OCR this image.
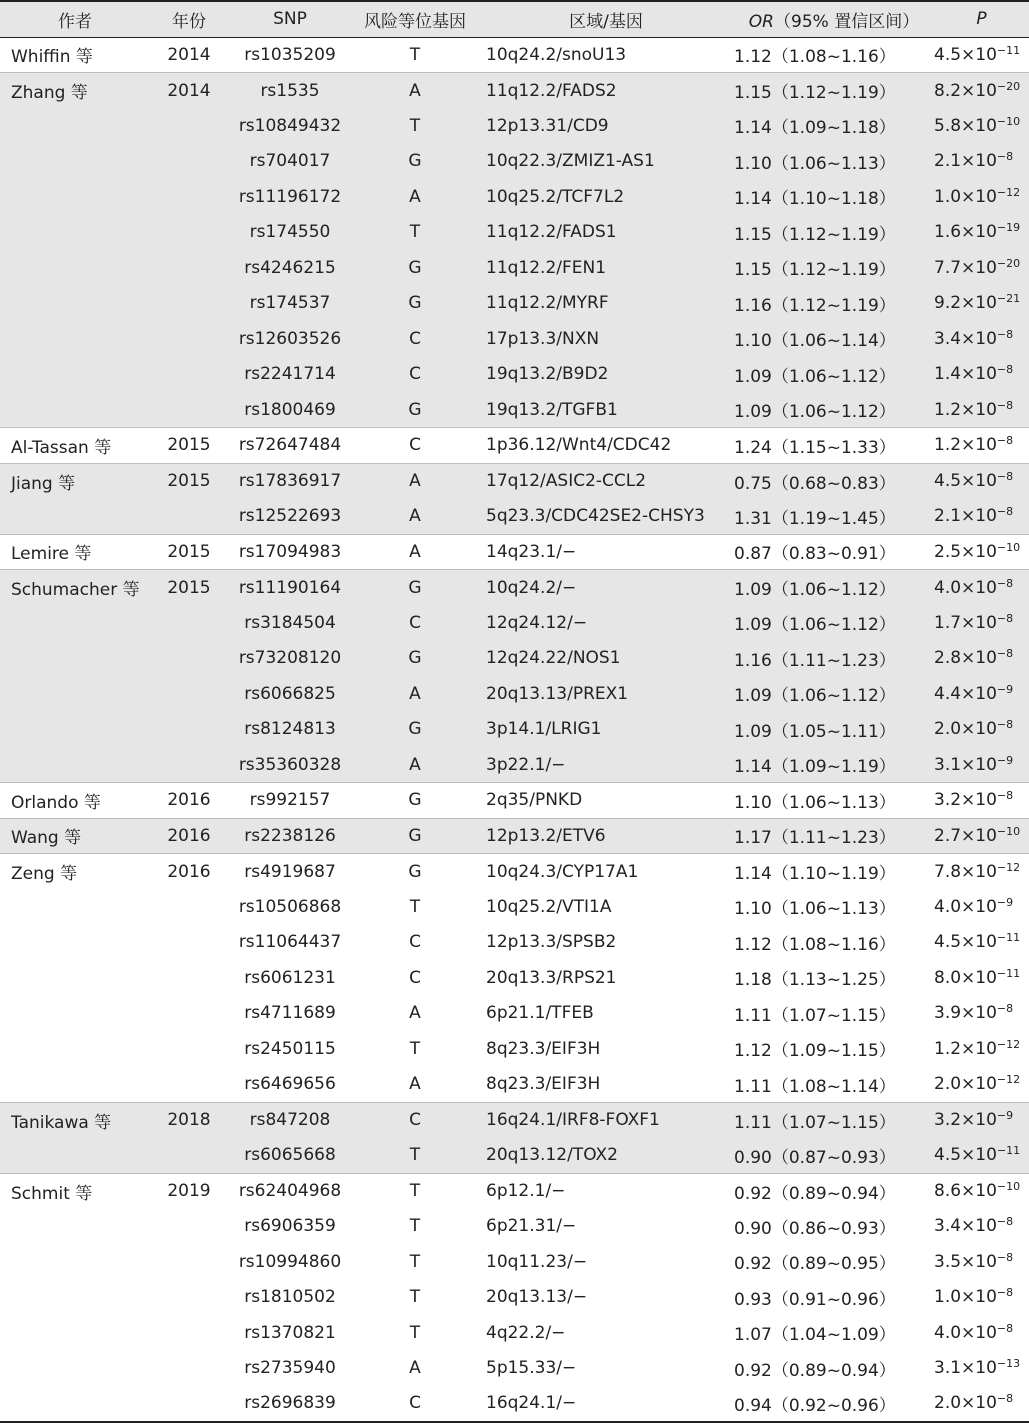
作者	年份	SNP	风险等位基因	区域/基因	OR（95% 置信区间）	P
Whiffin 等	2014	rs1035209	T	10q24.2/snoU13	1.12（1.08~1.16）	$4.5\times 10^{-11}$
Zhang 等	2014	rs1535	A	11q12.2/FADS2	1.15（1.12~1.19）	$8.2\times 10^{-20}$
		rs10849432	T	12p13.31/CD9	1.14（1.09~1.18）	$5.8\times 10^{-10}$
		rs704017	G	10q22.3/ZMIZ1-AS1	1.10（1.06~1.13）	$2.1\times 10^{-8}$
		rs11196172	A	10q25.2/TCF7L2	1.14（1.10~1.18）	$1.0\times 10^{-12}$
		rs174550	T	11q12.2/FADS1	1.15（1.12~1.19）	$1.6\times 10^{-19}$
		rs4246215	G	11q12.2/FEN1	1.15（1.12~1.19）	$7.7\times 10^{-20}$
		rs174537	G	11q12.2/MYRF	1.16（1.12~1.19）	$9.2\times 10^{-21}$
		rs12603526	C	17p13.3/NXN	1.10（1.06~1.14）	$3.4\times 10^{-8}$
		rs2241714	C	19q13.2/B9D2	1.09（1.06~1.12）	$1.4\times 10^{-8}$
		rs1800469	G	19q13.2/TGFB1	1.09（1.06~1.12）	$1.2\times 10^{-8}$
Al-Tassan 等	2015	rs72647484	C	1p36.12/Wnt4/CDC42	1.24（1.15~1.33）	$1.2\times 10^{-8}$
Jiang 等	2015	rs17836917	A	17q12/ASIC2-CCL2	0.75（0.68~0.83）	$4.5\times 10^{-8}$
		rs12522693	A	5q23.3/CDC42SE2-CHSY3	1.31（1.19~1.45）	$2.1\times 10^{-8}$
Lemire 等	2015	rs17094983	A	14q23.1/−	0.87（0.83~0.91）	$2.5\times 10^{-10}$
Schumacher 等	2015	rs11190164	G	10q24.2/−	1.09（1.06~1.12）	$4.0\times 10^{-8}$
		rs3184504	C	12q24.12/−	1.09（1.06~1.12）	$1.7\times 10^{-8}$
		rs73208120	G	12q24.22/NOS1	1.16（1.11~1.23）	$2.8\times 10^{-8}$
		rs6066825	A	20q13.13/PREX1	1.09（1.06~1.12）	$4.4\times 10^{-9}$
		rs8124813	G	3p14.1/LRIG1	1.09（1.05~1.11）	$2.0\times 10^{-8}$
		rs35360328	A	3p22.1/−	1.14（1.09~1.19）	$3.1\times 10^{-9}$
Orlando 等	2016	rs992157	G	2q35/PNKD	1.10（1.06~1.13）	$3.2\times 10^{-8}$
Wang 等	2016	rs2238126	G	12p13.2/ETV6	1.17（1.11~1.23）	$2.7\times 10^{-10}$
Zeng 等	2016	rs4919687	G	10q24.3/CYP17A1	1.14（1.10~1.19）	$7.8\times 10^{-12}$
		rs10506868	T	10q25.2/VTI1A	1.10（1.06~1.13）	$4.0\times 10^{-9}$
		rs11064437	C	12p13.3/SPSB2	1.12（1.08~1.16）	$4.5\times 10^{-11}$
		rs6061231	C	20q13.3/RPS21	1.18（1.13~1.25）	$8.0\times 10^{-11}$
		rs4711689	A	6p21.1/TFEB	1.11（1.07~1.15）	$3.9\times 10^{-8}$
		rs2450115	T	8q23.3/EIF3H	1.12（1.09~1.15）	$1.2\times 10^{-12}$
		rs6469656	A	8q23.3/EIF3H	1.11（1.08~1.14）	$2.0\times 10^{-12}$
Tanikawa 等	2018	rs847208	C	16q24.1/IRF8-FOXF1	1.11（1.07~1.15）	$3.2\times 10^{-9}$
		rs6065668	T	20q13.12/TOX2	0.90（0.87~0.93）	$4.5\times 10^{-11}$
Schmit 等	2019	rs62404968	T	6p12.1/−	0.92（0.89~0.94）	$8.6\times 10^{-10}$
		rs6906359	T	6p21.31/−	0.90（0.86~0.93）	$3.4\times 10^{-8}$
		rs10994860	T	10q11.23/−	0.92（0.89~0.95）	$3.5\times 10^{-8}$
		rs1810502	T	20q13.13/−	0.93（0.91~0.96）	$1.0\times 10^{-8}$
		rs1370821	T	4q22.2/−	1.07（1.04~1.09）	$4.0\times 10^{-8}$
		rs2735940	A	5p15.33/−	0.92（0.89~0.94）	$3.1\times 10^{-13}$
		rs2696839	C	16q24.1/−	0.94（0.92~0.96）	$2.0\times 10^{-8}$
